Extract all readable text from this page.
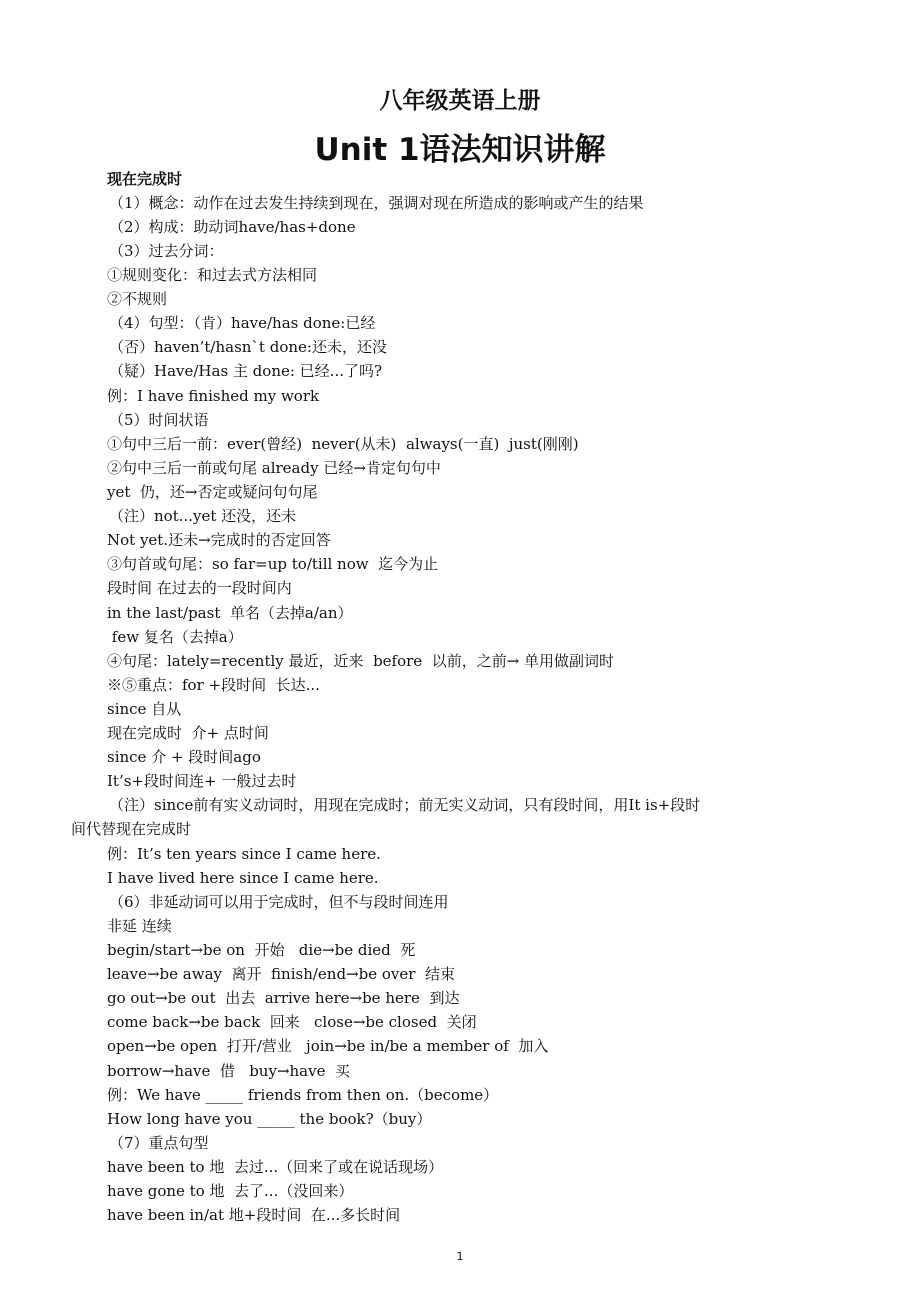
八年级英语上册
Unit 1语法知识讲解
现在完成时
（1）概念：动作在过去发生持续到现在，强调对现在所造成的影响或产生的结果
（2）构成：助动词have/has+done
（3）过去分词：
①规则变化：和过去式方法相同
②不规则
（4）句型：（肯）have/has done:已经
（否）haven’t/hasn`t done:还未，还没
（疑）Have/Has 主 done: 已经...了吗?
例：I have finished my work
（5）时间状语
①句中三后一前：ever(曾经)  never(从未)  always(一直)  just(刚刚)
②句中三后一前或句尾 already 已经→肯定句句中
yet  仍，还→否定或疑问句句尾
（注）not...yet 还没，还未
Not yet.还未→完成时的否定回答
③句首或句尾：so far=up to/till now  迄今为止
段时间 在过去的一段时间内
in the last/past  单名（去掉a/an）
few 复名（去掉a）
④句尾：lately=recently 最近，近来  before  以前，之前→ 单用做副词时
※⑤重点：for +段时间  长达...
since 自从
现在完成时  介+ 点时间
since 介 + 段时间ago
It’s+段时间连+ 一般过去时
（注）since前有实义动词时，用现在完成时；前无实义动词，只有段时间，用It is+段时
间代替现在完成时
例：It’s ten years since I came here.
I have lived here since I came here.
（6）非延动词可以用于完成时，但不与段时间连用
非延 连续
begin/start→be on  开始   die→be died  死
leave→be away  离开  finish/end→be over  结束
go out→be out  出去  arrive here→be here  到达
come back→be back  回来   close→be closed  关闭
open→be open  打开/营业   join→be in/be a member of  加入
borrow→have  借   buy→have  买
例：We have _____ friends from then on.（become）
How long have you _____ the book?（buy）
（7）重点句型
have been to 地  去过...（回来了或在说话现场）
have gone to 地  去了...（没回来）
have been in/at 地+段时间  在...多长时间
1
